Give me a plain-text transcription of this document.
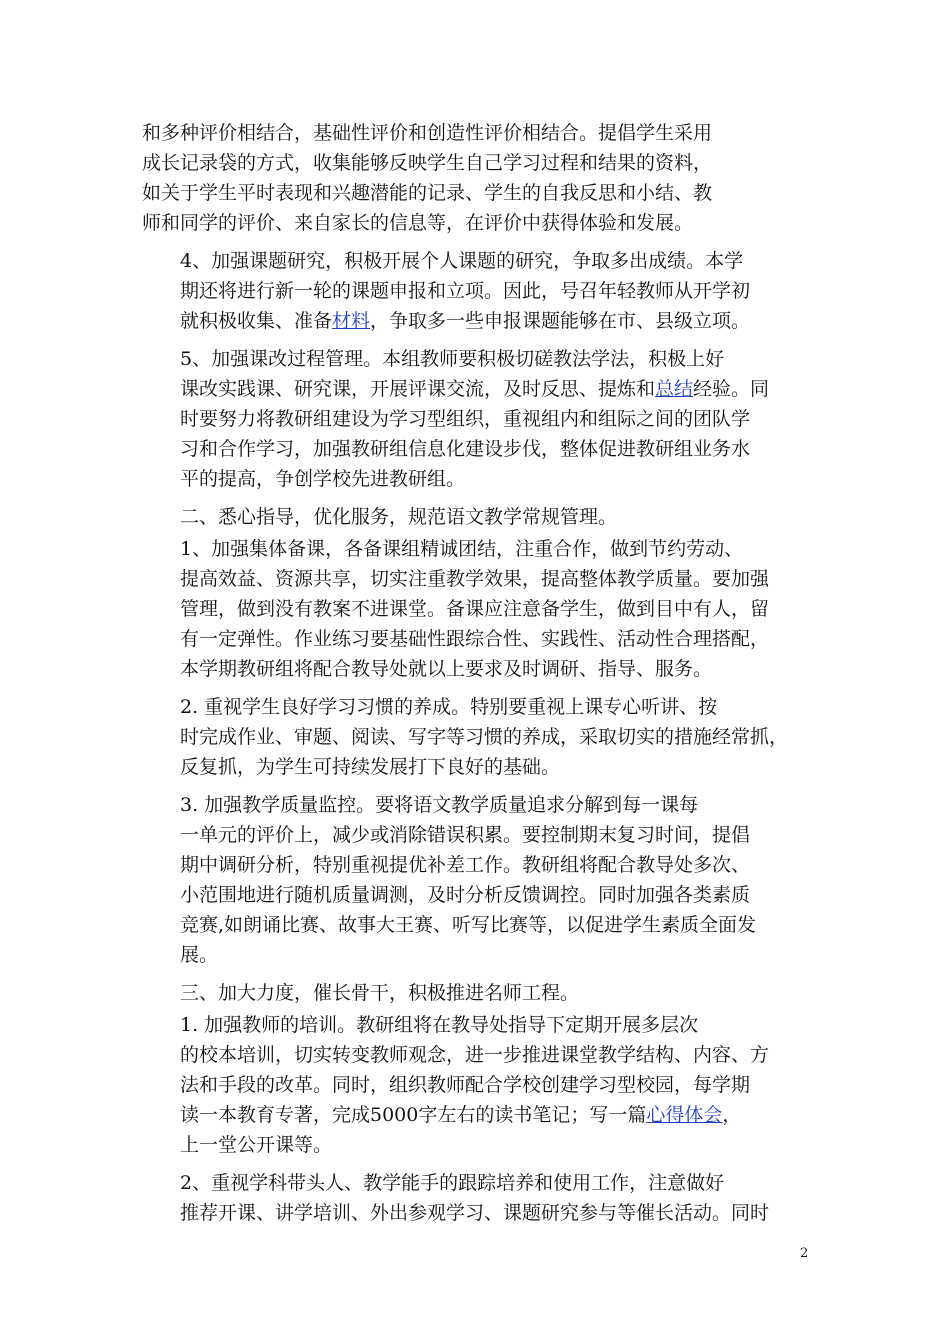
和多种评价相结合，基础性评价和创造性评价相结合。提倡学生采用
成长记录袋的方式，收集能够反映学生自己学习过程和结果的资料，
如关于学生平时表现和兴趣潜能的记录、学生的自我反思和小结、教
师和同学的评价、来自家长的信息等，在评价中获得体验和发展。
4、加强课题研究，积极开展个人课题的研究，争取多出成绩。本学
期还将进行新一轮的课题申报和立项。因此，号召年轻教师从开学初
就积极收集、准备材料，争取多一些申报课题能够在市、县级立项。
5、加强课改过程管理。本组教师要积极切磋教法学法，积极上好
课改实践课、研究课，开展评课交流，及时反思、提炼和总结经验。同
时要努力将教研组建设为学习型组织，重视组内和组际之间的团队学
习和合作学习，加强教研组信息化建设步伐，整体促进教研组业务水
平的提高，争创学校先进教研组。
二、悉心指导，优化服务，规范语文教学常规管理。
1、加强集体备课，各备课组精诚团结，注重合作，做到节约劳动、
提高效益、资源共享，切实注重教学效果，提高整体教学质量。要加强
管理，做到没有教案不进课堂。备课应注意备学生，做到目中有人，留
有一定弹性。作业练习要基础性跟综合性、实践性、活动性合理搭配，
本学期教研组将配合教导处就以上要求及时调研、指导、服务。
2. 重视学生良好学习习惯的养成。特别要重视上课专心听讲、按
时完成作业、审题、阅读、写字等习惯的养成，采取切实的措施经常抓，
反复抓，为学生可持续发展打下良好的基础。
3. 加强教学质量监控。要将语文教学质量追求分解到每一课每
一单元的评价上，减少或消除错误积累。要控制期末复习时间，提倡
期中调研分析，特别重视提优补差工作。教研组将配合教导处多次、
小范围地进行随机质量调测，及时分析反馈调控。同时加强各类素质
竞赛,如朗诵比赛、故事大王赛、听写比赛等，以促进学生素质全面发
展。
三、加大力度，催长骨干，积极推进名师工程。
1. 加强教师的培训。教研组将在教导处指导下定期开展多层次
的校本培训，切实转变教师观念，进一步推进课堂教学结构、内容、方
法和手段的改革。同时，组织教师配合学校创建学习型校园，每学期
读一本教育专著，完成5000字左右的读书笔记；写一篇心得体会，
上一堂公开课等。
2、重视学科带头人、教学能手的跟踪培养和使用工作，注意做好
推荐开课、讲学培训、外出参观学习、课题研究参与等催长活动。同时
2
